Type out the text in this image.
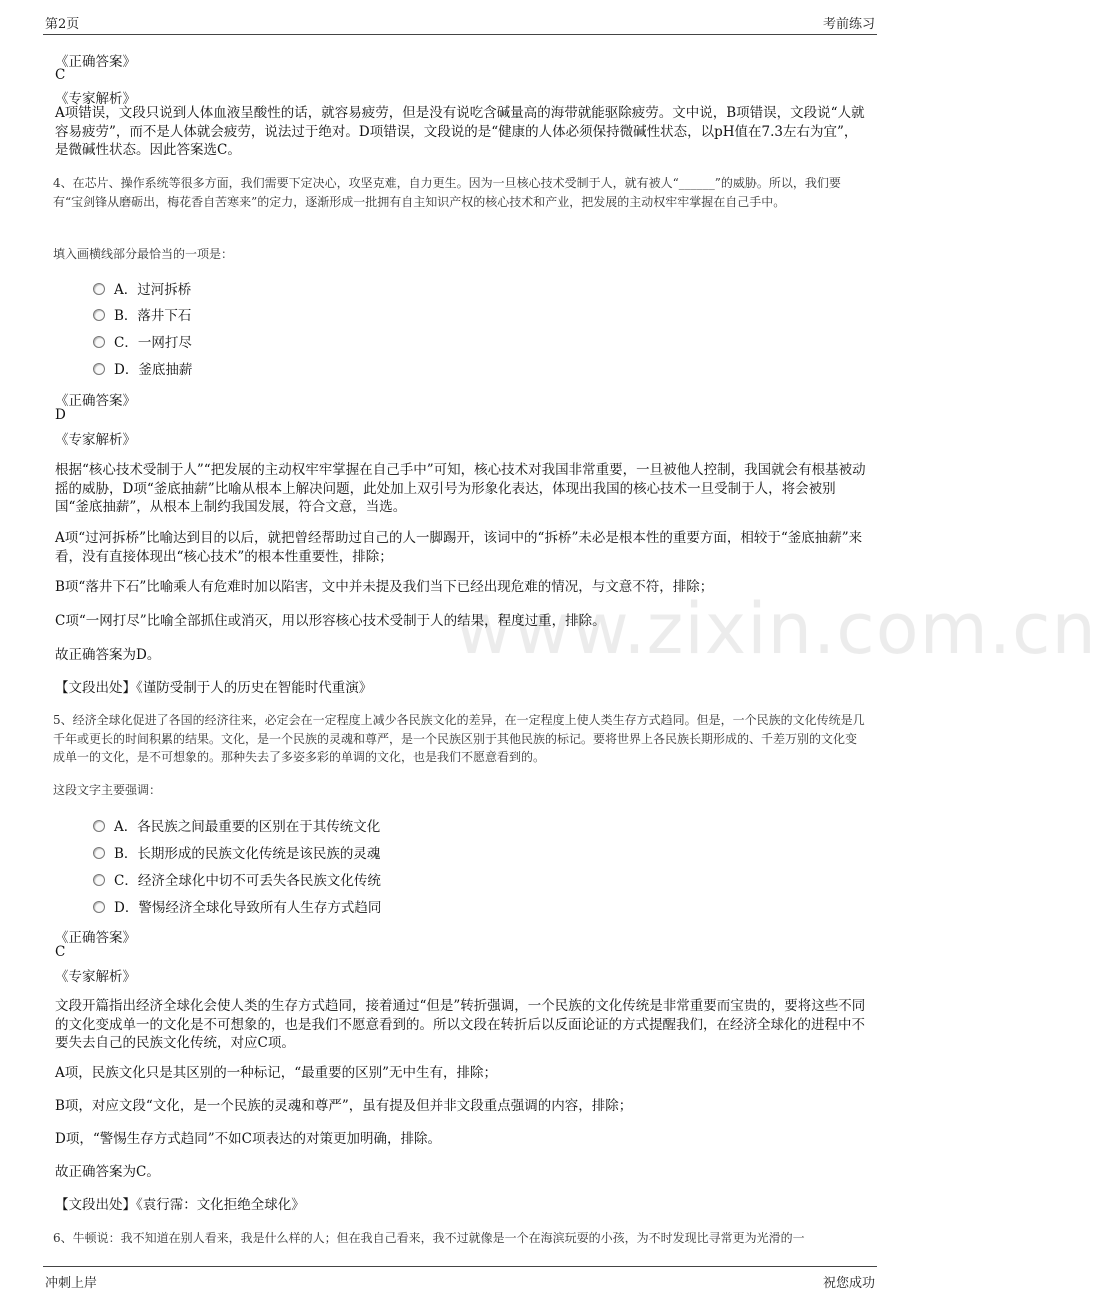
第2页	考前练习
《正确答案》
C
《专家解析》
A项错误，文段只说到人体血液呈酸性的话，就容易疲劳，但是没有说吃含碱量高的海带就能驱除疲劳。文中说，B项错误，文段说“人就容易疲劳”，而不是人体就会疲劳，说法过于绝对。D项错误，文段说的是“健康的人体必须保持微碱性状态，以pH值在7.3左右为宜”，是微碱性状态。因此答案选C。
4、在芯片、操作系统等很多方面，我们需要下定决心，攻坚克难，自力更生。因为一旦核心技术受制于人，就有被人“______”的威胁。所以，我们要有“宝剑锋从磨砺出，梅花香自苦寒来”的定力，逐渐形成一批拥有自主知识产权的核心技术和产业，把发展的主动权牢牢掌握在自己手中。
填入画横线部分最恰当的一项是：
A．过河拆桥
B．落井下石
C．一网打尽
D．釜底抽薪
《正确答案》
D
《专家解析》
根据“核心技术受制于人”“把发展的主动权牢牢掌握在自己手中”可知，核心技术对我国非常重要，一旦被他人控制，我国就会有根基被动摇的威胁，D项“釜底抽薪”比喻从根本上解决问题，此处加上双引号为形象化表达，体现出我国的核心技术一旦受制于人，将会被别国“釜底抽薪”，从根本上制约我国发展，符合文意，当选。
A项“过河拆桥”比喻达到目的以后，就把曾经帮助过自己的人一脚踢开，该词中的“拆桥”未必是根本性的重要方面，相较于“釜底抽薪”来看，没有直接体现出“核心技术”的根本性重要性，排除；
B项“落井下石”比喻乘人有危难时加以陷害，文中并未提及我们当下已经出现危难的情况，与文意不符，排除；
C项“一网打尽”比喻全部抓住或消灭，用以形容核心技术受制于人的结果，程度过重，排除。
故正确答案为D。
【文段出处】《谨防受制于人的历史在智能时代重演》
5、经济全球化促进了各国的经济往来，必定会在一定程度上减少各民族文化的差异，在一定程度上使人类生存方式趋同。但是，一个民族的文化传统是几千年或更长的时间积累的结果。文化，是一个民族的灵魂和尊严，是一个民族区别于其他民族的标记。要将世界上各民族长期形成的、千差万别的文化变成单一的文化，是不可想象的。那种失去了多姿多彩的单调的文化，也是我们不愿意看到的。
这段文字主要强调：
A．各民族之间最重要的区别在于其传统文化
B．长期形成的民族文化传统是该民族的灵魂
C．经济全球化中切不可丢失各民族文化传统
D．警惕经济全球化导致所有人生存方式趋同
《正确答案》
C
《专家解析》
文段开篇指出经济全球化会使人类的生存方式趋同，接着通过“但是”转折强调，一个民族的文化传统是非常重要而宝贵的，要将这些不同的文化变成单一的文化是不可想象的，也是我们不愿意看到的。所以文段在转折后以反面论证的方式提醒我们，在经济全球化的进程中不要失去自己的民族文化传统，对应C项。
A项，民族文化只是其区别的一种标记，“最重要的区别”无中生有，排除；
B项，对应文段“文化，是一个民族的灵魂和尊严”，虽有提及但并非文段重点强调的内容，排除；
D项，“警惕生存方式趋同”不如C项表达的对策更加明确，排除。
故正确答案为C。
【文段出处】《袁行霈：文化拒绝全球化》
6、牛顿说：我不知道在别人看来，我是什么样的人；但在我自己看来，我不过就像是一个在海滨玩耍的小孩，为不时发现比寻常更为光滑的一
www.zixin.com.cn
冲刺上岸	祝您成功
